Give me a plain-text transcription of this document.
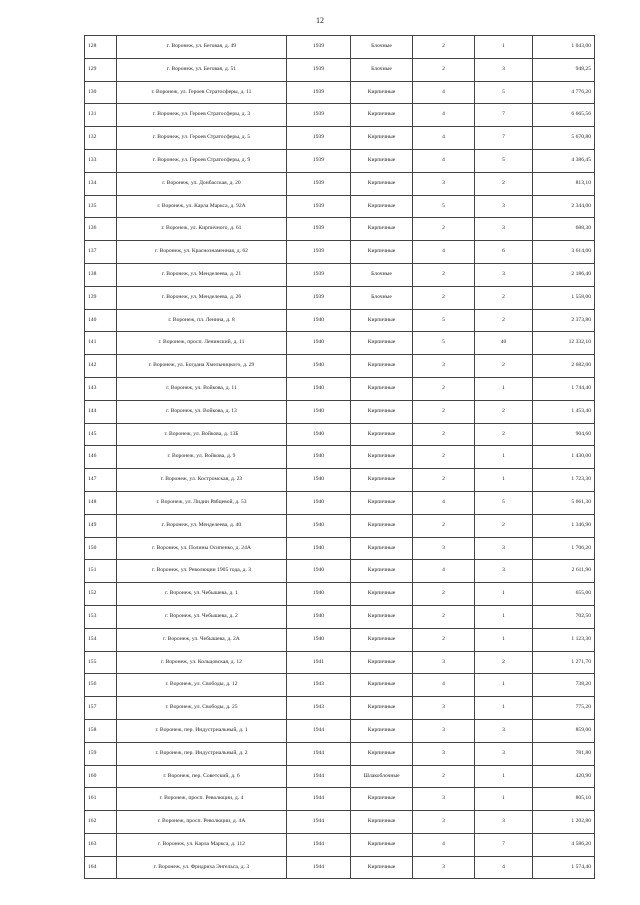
12
128	г. Воронеж, ул. Беговая, д. 49	1939	Блочные	2	1	1 043,00
129	г. Воронеж, ул. Беговая, д. 51	1939	Блочные	2	3	948,25
130	г. Воронеж, ул. Героев Стратосферы, д. 11	1939	Кирпичные	4	5	4 776,20
131	г. Воронеж, ул. Героев Стратосферы, д. 3	1939	Кирпичные	4	7	6 665,56
132	г. Воронеж, ул. Героев Стратосферы, д. 5	1939	Кирпичные	4	7	5 670,80
133	г. Воронеж, ул. Героев Стратосферы, д. 9	1939	Кирпичные	4	5	4 386,45
134	г. Воронеж, ул. Донбасская, д. 20	1939	Кирпичные	3	2	813,10
135	г. Воронеж, ул. Карла Маркса, д. 92А	1939	Кирпичные	5	3	2 344,00
136	г. Воронеж, ул. Кирпичного, д. 61	1939	Кирпичные	2	3	688,30
137	г. Воронеж, ул. Краснознаменная, д. 62	1939	Кирпичные	4	6	3 614,00
138	г. Воронеж, ул. Менделеева, д. 21	1939	Блочные	2	3	2 186,40
139	г. Воронеж, ул. Менделеева, д. 26	1939	Блочные	2	2	1 558,00
140	г. Воронеж, пл. Ленина, д. 8	1940	Кирпичные	5	2	2 373,80
141	г. Воронеж, просп. Ленинский, д. 11	1940	Кирпичные	5	40	12 332,10
142	г. Воронеж, ул. Богдана Хмельницкого, д. 29	1940	Кирпичные	3	2	2 682,00
143	г. Воронеж, ул. Войкова, д. 11	1940	Кирпичные	2	1	1 744,40
144	г. Воронеж, ул. Войкова, д. 13	1940	Кирпичные	2	2	1 453,40
145	г. Воронеж, ул. Войкова, д. 13Б	1940	Кирпичные	2	2	904,60
146	г. Воронеж, ул. Войкова, д. 9	1940	Кирпичные	2	1	1 430,00
147	г. Воронеж, ул. Костромская, д. 23	1940	Кирпичные	2	1	1 723,30
148	г. Воронеж, ул. Лидии Рябцевой, д. 53	1940	Кирпичные	4	5	5 661,30
149	г. Воронеж, ул. Менделеева, д. 40	1940	Кирпичные	2	2	1 346,90
150	г. Воронеж, ул. Полины Осипенко, д. 24А	1940	Кирпичные	3	3	1 706,20
151	г. Воронеж, ул. Революции 1905 года, д. 3	1940	Кирпичные	4	3	2 611,90
152	г. Воронеж, ул. Чебышева, д. 1	1940	Кирпичные	2	1	655,00
153	г. Воронеж, ул. Чебышева, д. 2	1940	Кирпичные	2	1	702,50
154	г. Воронеж, ул. Чебышева, д. 2А	1940	Кирпичные	2	1	1 123,30
155	г. Воронеж, ул. Кольцовская, д. 12	1941	Кирпичные	3	2	1 271,70
156	г. Воронеж, ул. Свободы, д. 12	1943	Кирпичные	4	1	738,20
157	г. Воронеж, ул. Свободы, д. 25	1943	Кирпичные	3	1	775,20
158	г. Воронеж, пер. Индустриальный, д. 1	1944	Кирпичные	3	3	859,00
159	г. Воронеж, пер. Индустриальный, д. 2	1944	Кирпичные	3	3	781,80
160	г. Воронеж, пер. Советский, д. 6	1944	Шлакоблочные	2	1	420,90
161	г. Воронеж, просп. Революции, д. 4	1944	Кирпичные	3	1	805,10
162	г. Воронеж, просп. Революции, д. 4А	1944	Кирпичные	3	3	1 202,80
163	г. Воронеж, ул. Карла Маркса, д. 112	1944	Кирпичные	4	7	4 586,20
164	г. Воронеж, ул. Фридриха Энгельса, д. 3	1944	Кирпичные	3	4	1 574,40
